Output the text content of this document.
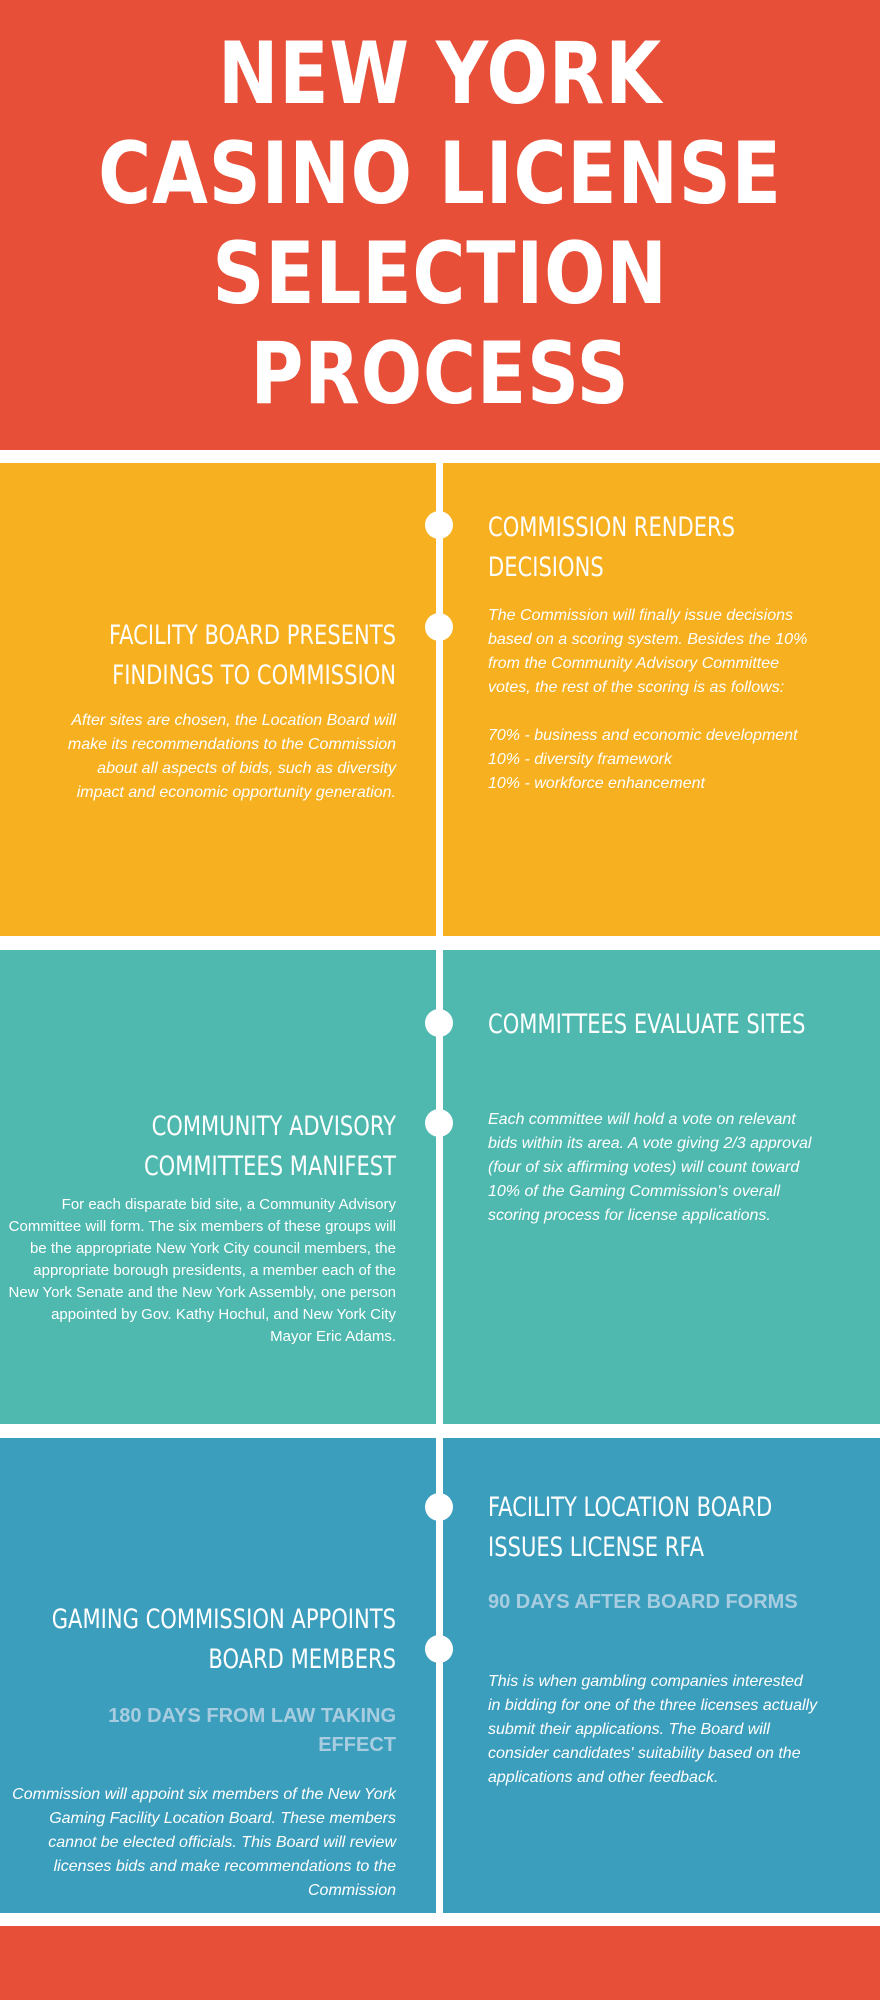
NEW YORK
CASINO LICENSE
SELECTION
PROCESS
COMMISSION RENDERS DECISIONS

The Commission will finally issue decisions based on a scoring system. Besides the 10% from the Community Advisory Committee votes, the rest of the scoring is as follows:

70% - business and economic development
10% - diversity framework
10% - workforce enhancement

FACILITY BOARD PRESENTS FINDINGS TO COMMISSION

After sites are chosen, the Location Board will make its recommendations to the Commission about all aspects of bids, such as diversity impact and economic opportunity generation.

COMMITTEES EVALUATE SITES

Each committee will hold a vote on relevant bids within its area. A vote giving 2/3 approval (four of six affirming votes) will count toward 10% of the Gaming Commission's overall scoring process for license applications.

COMMUNITY ADVISORY COMMITTEES MANIFEST

For each disparate bid site, a Community Advisory Committee will form. The six members of these groups will be the appropriate New York City council members, the appropriate borough presidents, a member each of the New York Senate and the New York Assembly, one person appointed by Gov. Kathy Hochul, and New York City Mayor Eric Adams.

FACILITY LOCATION BOARD ISSUES LICENSE RFA

90 DAYS AFTER BOARD FORMS

This is when gambling companies interested in bidding for one of the three licenses actually submit their applications. The Board will consider candidates' suitability based on the applications and other feedback.

GAMING COMMISSION APPOINTS BOARD MEMBERS

180 DAYS FROM LAW TAKING EFFECT

Commission will appoint six members of the New York Gaming Facility Location Board. These members cannot be elected officials. This Board will review licenses bids and make recommendations to the Commission
